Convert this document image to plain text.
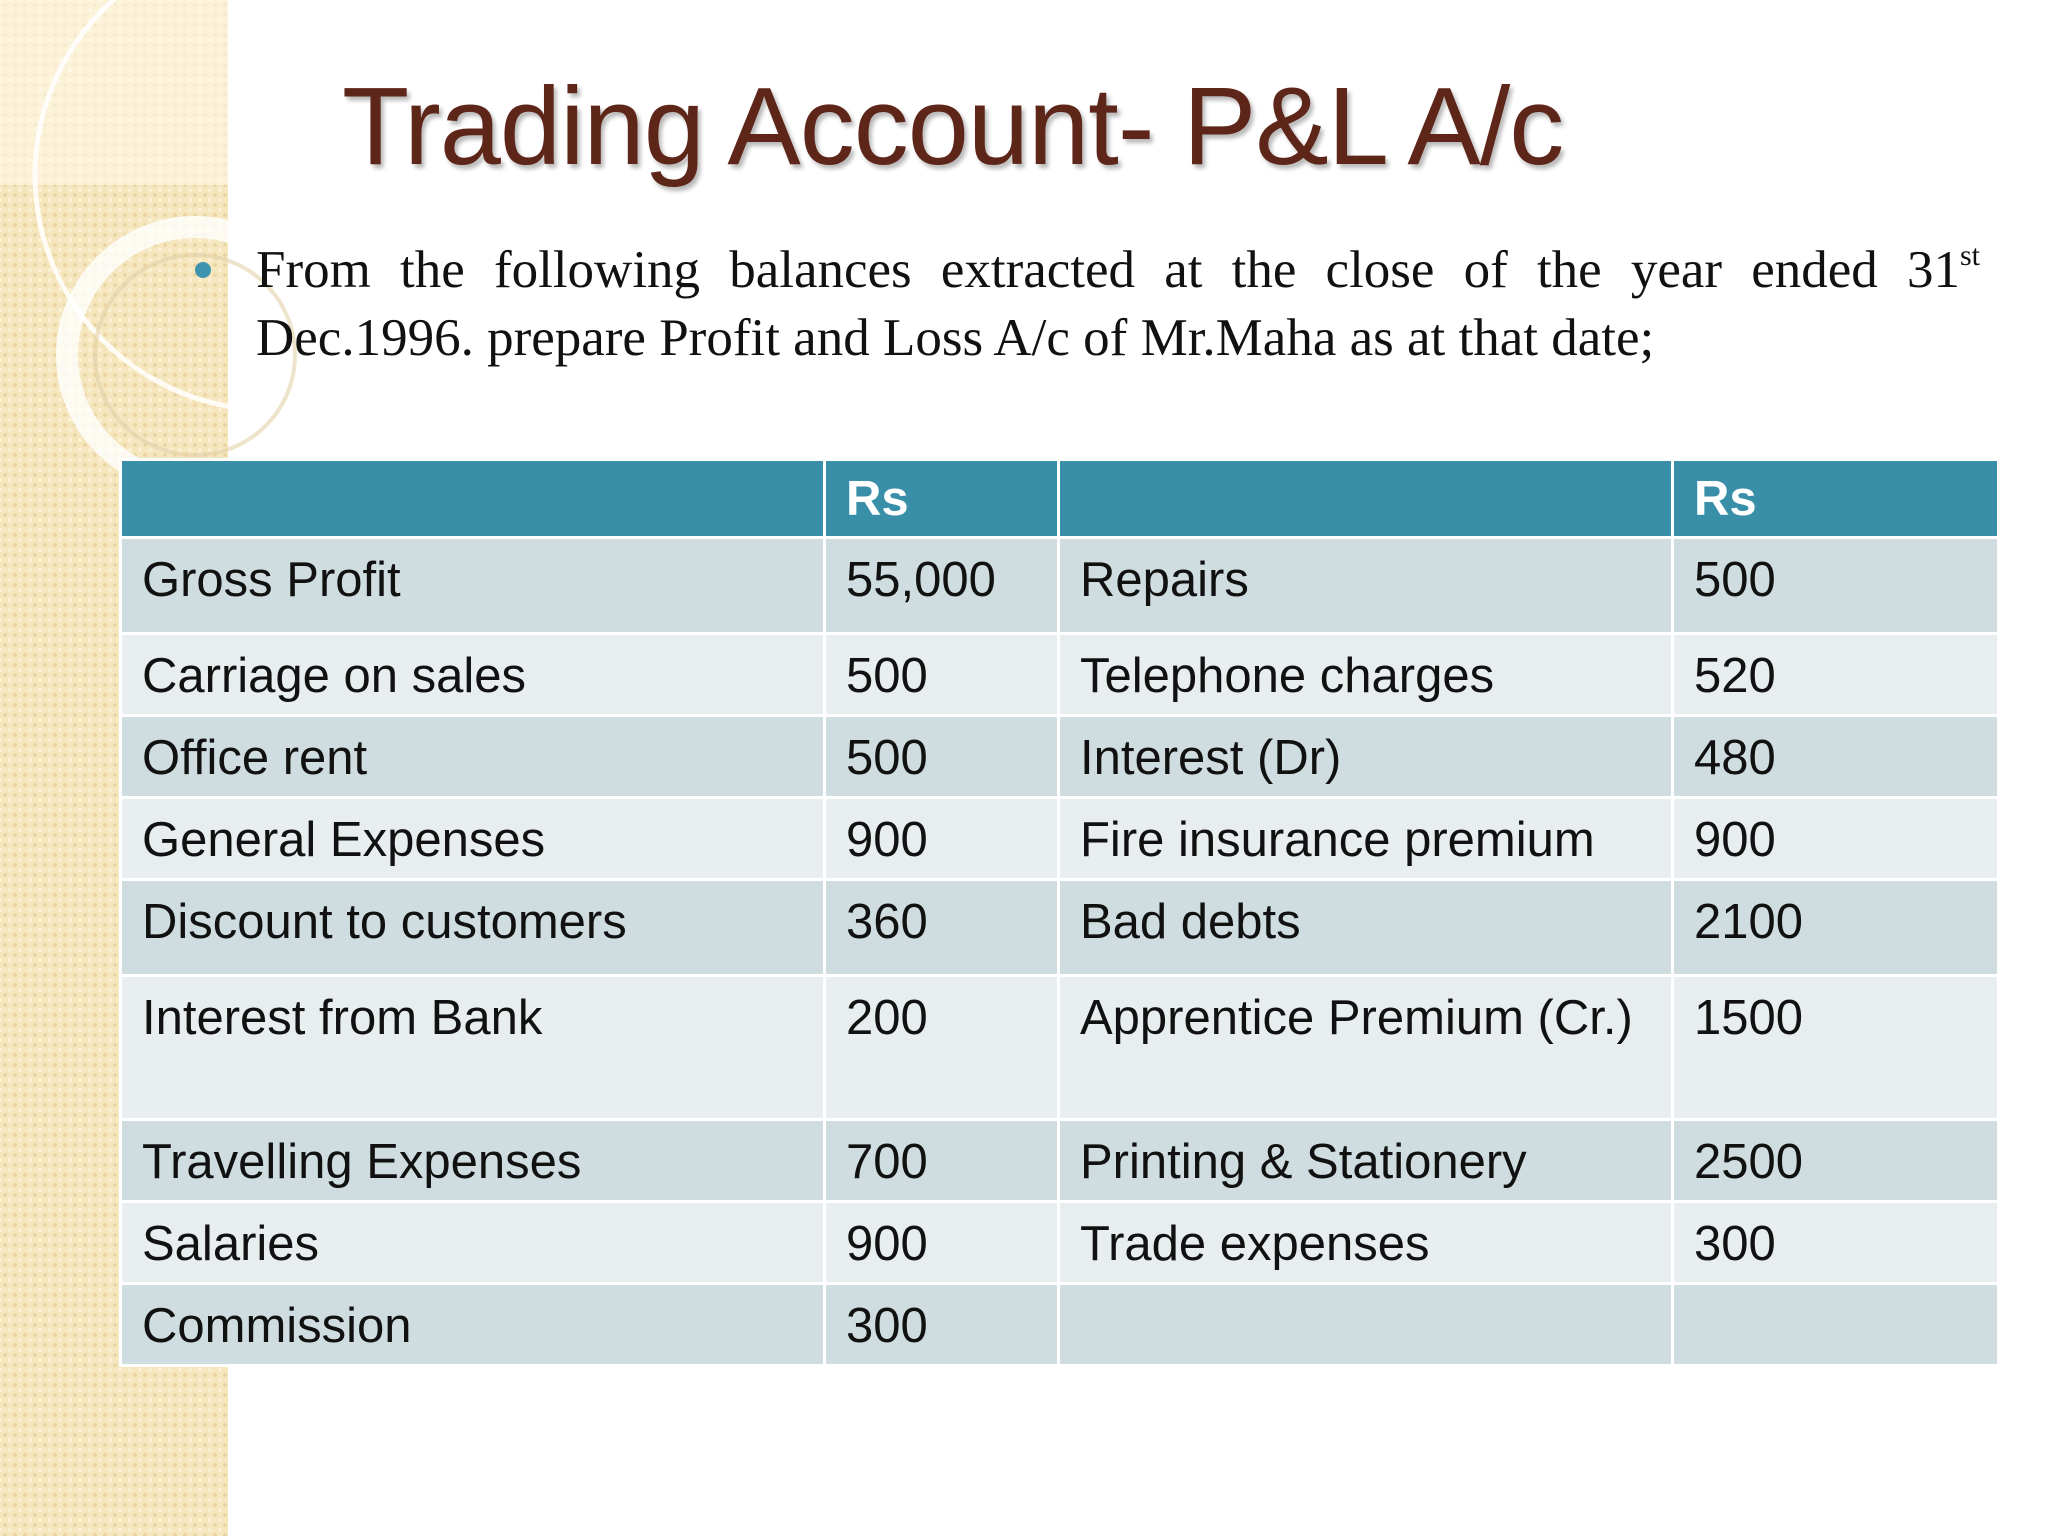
Trading Account- P&L A/c

From the following balances extracted at the close of the year ended 31st Dec.1996. prepare Profit and Loss A/c of Mr.Maha as at that date;

	Rs		Rs
Gross Profit	55,000	Repairs	500
Carriage on sales	500	Telephone charges	520
Office rent	500	Interest (Dr)	480
General Expenses	900	Fire insurance premium	900
Discount to customers	360	Bad debts	2100
Interest from Bank	200	Apprentice Premium (Cr.)	1500
Travelling Expenses	700	Printing & Stationery	2500
Salaries	900	Trade expenses	300
Commission	300		
